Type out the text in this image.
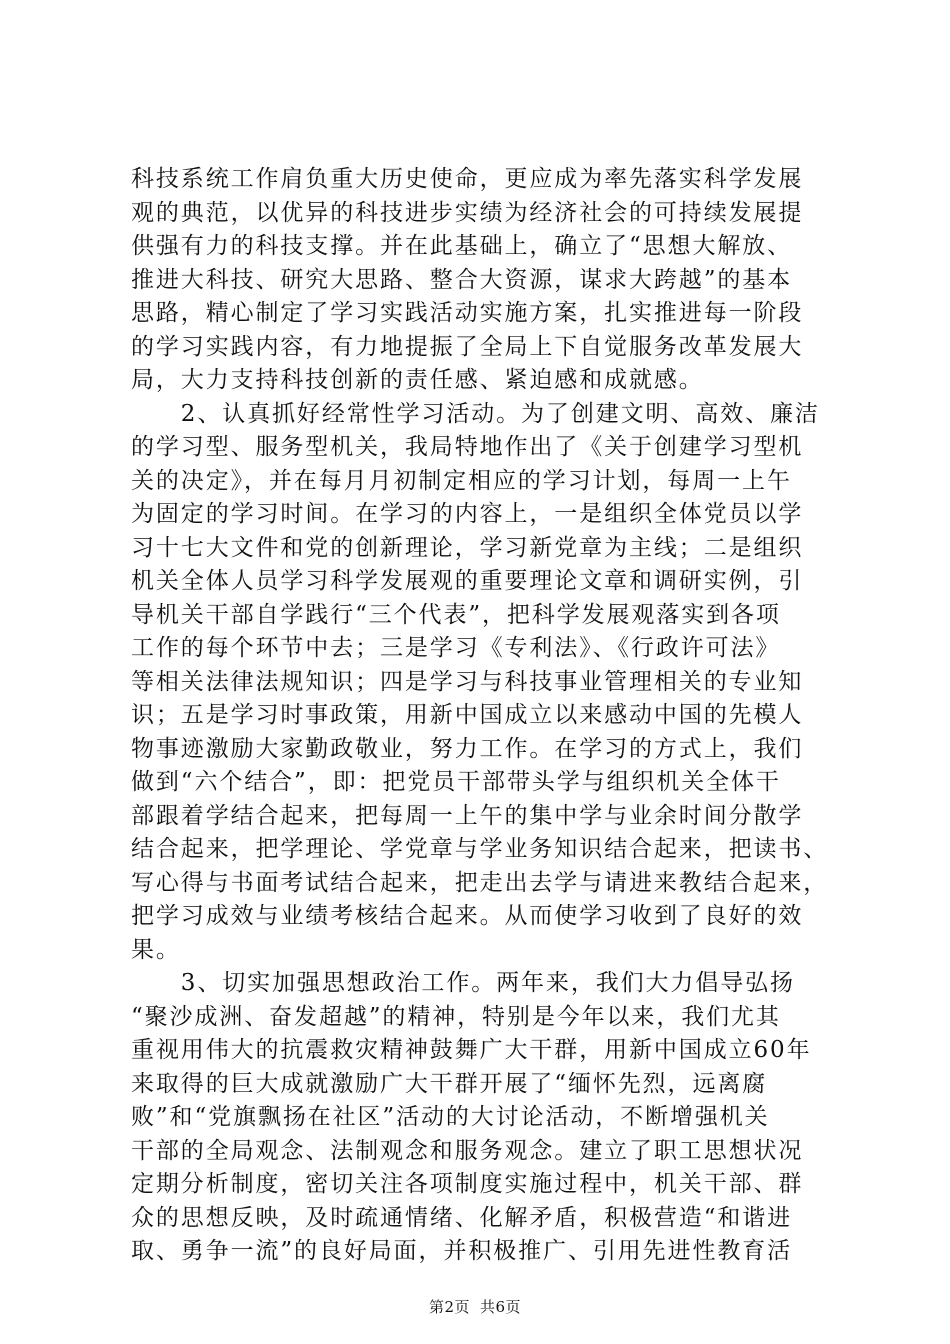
科技系统工作肩负重大历史使命，更应成为率先落实科学发展
观的典范，以优异的科技进步实绩为经济社会的可持续发展提
供强有力的科技支撑。并在此基础上，确立了“思想大解放、
推进大科技、研究大思路、整合大资源，谋求大跨越”的基本
思路，精心制定了学习实践活动实施方案，扎实推进每一阶段
的学习实践内容，有力地提振了全局上下自觉服务改革发展大
局，大力支持科技创新的责任感、紧迫感和成就感。
　　2、认真抓好经常性学习活动。为了创建文明、高效、廉洁
的学习型、服务型机关，我局特地作出了《关于创建学习型机
关的决定》，并在每月月初制定相应的学习计划，每周一上午
为固定的学习时间。在学习的内容上，一是组织全体党员以学
习十七大文件和党的创新理论，学习新党章为主线；二是组织
机关全体人员学习科学发展观的重要理论文章和调研实例，引
导机关干部自学践行“三个代表”，把科学发展观落实到各项
工作的每个环节中去；三是学习《专利法》、《行政许可法》
等相关法律法规知识；四是学习与科技事业管理相关的专业知
识；五是学习时事政策，用新中国成立以来感动中国的先模人
物事迹激励大家勤政敬业，努力工作。在学习的方式上，我们
做到“六个结合”，即：把党员干部带头学与组织机关全体干
部跟着学结合起来，把每周一上午的集中学与业余时间分散学
结合起来，把学理论、学党章与学业务知识结合起来，把读书、
写心得与书面考试结合起来，把走出去学与请进来教结合起来，
把学习成效与业绩考核结合起来。从而使学习收到了良好的效
果。
　　3、切实加强思想政治工作。两年来，我们大力倡导弘扬
“聚沙成洲、奋发超越”的精神，特别是今年以来，我们尤其
重视用伟大的抗震救灾精神鼓舞广大干群，用新中国成立60年
来取得的巨大成就激励广大干群开展了“缅怀先烈，远离腐
败”和“党旗飘扬在社区”活动的大讨论活动，不断增强机关
干部的全局观念、法制观念和服务观念。建立了职工思想状况
定期分析制度，密切关注各项制度实施过程中，机关干部、群
众的思想反映，及时疏通情绪、化解矛盾，积极营造“和谐进
取、勇争一流”的良好局面，并积极推广、引用先进性教育活
第2页 共6页
